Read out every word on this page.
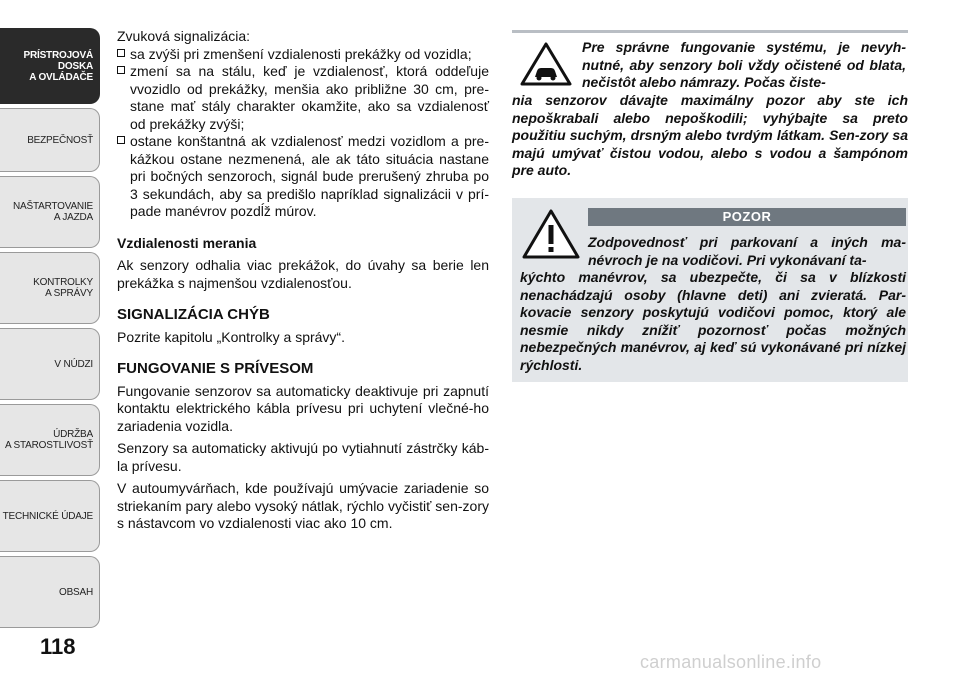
PRÍSTROJOVÁ
DOSKA
A OVLÁDAČE
BEZPEČNOSŤ
NAŠTARTOVANIE
A JAZDA
KONTROLKY
A SPRÁVY
V NÚDZI
ÚDRŽBA
A STAROSTLIVOSŤ
TECHNICKÉ ÚDAJE
OBSAH
118

Zvuková signalizácia:

sa zvýši pri zmenšení vzdialenosti prekážky od vozidla;
zmení sa na stálu, keď je vzdialenosť, ktorá oddeľuje vvozidlo od prekážky, menšia ako približne 30 cm, pre-stane mať stály charakter okamžite, ako sa vzdialenosť od prekážky zvýši;
ostane konštantná ak vzdialenosť medzi vozidlom a pre-kážkou ostane nezmenená, ale ak táto situácia nastane pri bočných senzoroch, signál bude prerušený zhruba po 3 sekundách, aby sa predišlo napríklad signalizácii v prí-pade manévrov pozdĺž múrov.
Vzdialenosti merania

Ak senzory odhalia viac prekážok, do úvahy sa berie len prekážka s najmenšou vzdialenosťou.

SIGNALIZÁCIA CHÝB

Pozrite kapitolu „Kontrolky a správy“.

FUNGOVANIE S PRÍVESOM

Fungovanie senzorov sa automaticky deaktivuje pri zapnutí kontaktu elektrického kábla prívesu pri uchytení vlečné-ho zariadenia vozidla.

Senzory sa automaticky aktivujú po vytiahnutí zástrčky káb-la prívesu.

V autoumyvárňach, kde používajú umývacie zariadenie so striekaním pary alebo vysoký nátlak, rýchlo vyčistiť sen-zory s nástavcom vo vzdialenosti viac ako 10 cm.

Pre správne fungovanie systému, je nevyh-nutné, aby senzory boli vždy očistené od blata, nečistôt alebo námrazy. Počas čiste-
nia senzorov dávajte maximálny pozor aby ste ich nepoškrabali alebo nepoškodili; vyhýbajte sa preto použitiu suchým, drsným alebo tvrdým látkam. Sen-zory sa majú umývať čistou vodou, alebo s vodou a šampónom pre auto.
POZOR
Zodpovednosť pri parkovaní a iných ma-névroch je na vodičovi. Pri vykonávaní ta-
kýchto manévrov, sa ubezpečte, či sa v blízkosti nenachádzajú osoby (hlavne deti) ani zvieratá. Par-kovacie senzory poskytujú vodičovi pomoc, ktorý ale nesmie nikdy znížiť pozornosť počas možných nebezpečných manévrov, aj keď sú vykonávané pri nízkej rýchlosti.
carmanualsonline.info
